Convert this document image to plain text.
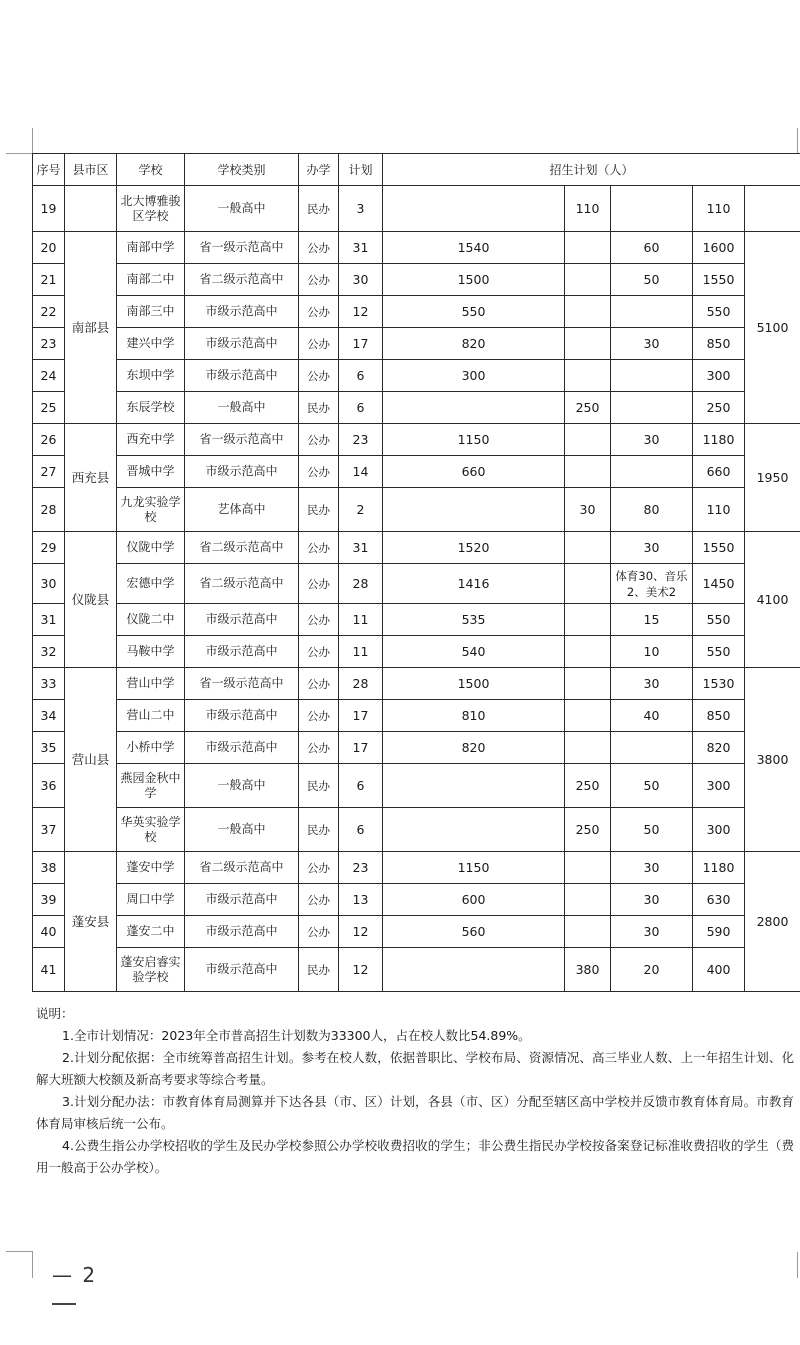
序号	县市区	学校	学校类别	办学	计划	招生计划（人）				
19		北大博雅骏区学校	一般高中	民办	3		110		110	
20	南部县	南部中学	省一级示范高中	公办	31	1540		60	1600	5100
21		南部二中	省二级示范高中	公办	30	1500		50	1550	
22		南部三中	市级示范高中	公办	12	550			550	
23		建兴中学	市级示范高中	公办	17	820		30	850	
24		东坝中学	市级示范高中	公办	6	300			300	
25		东辰学校	一般高中	民办	6		250		250	
26	西充县	西充中学	省一级示范高中	公办	23	1150		30	1180	1950
27		晋城中学	市级示范高中	公办	14	660			660	
28		九龙实验学校	艺体高中	民办	2		30	80	110	
29	仪陇县	仪陇中学	省二级示范高中	公办	31	1520		30	1550	4100
30		宏德中学	省二级示范高中	公办	28	1416		体育30、音乐2、美术2	1450	
31		仪陇二中	市级示范高中	公办	11	535		15	550	
32		马鞍中学	市级示范高中	公办	11	540		10	550	
33	营山县	营山中学	省一级示范高中	公办	28	1500		30	1530	3800
34		营山二中	市级示范高中	公办	17	810		40	850	
35		小桥中学	市级示范高中	公办	17	820			820	
36		燕园金秋中学	一般高中	民办	6		250	50	300	
37		华英实验学校	一般高中	民办	6		250	50	300	
38	蓬安县	蓬安中学	省二级示范高中	公办	23	1150		30	1180	2800
39		周口中学	市级示范高中	公办	13	600		30	630	
40		蓬安二中	市级示范高中	公办	12	560		30	590	
41		蓬安启睿实验学校	市级示范高中	民办	12		380	20	400	

说明：

1.全市计划情况：2023年全市普高招生计划数为33300人，占在校人数比54.89%。

2.计划分配依据：全市统筹普高招生计划。参考在校人数，依据普职比、学校布局、资源情况、高三毕业人数、上一年招生计划、化解大班额大校额及新高考要求等综合考量。

3.计划分配办法：市教育体育局测算并下达各县（市、区）计划，各县（市、区）分配至辖区高中学校并反馈市教育体育局。市教育体育局审核后统一公布。

4.公费生指公办学校招收的学生及民办学校参照公办学校收费招收的学生；非公费生指民办学校按备案登记标准收费招收的学生（费用一般高于公办学校）。

— 2
